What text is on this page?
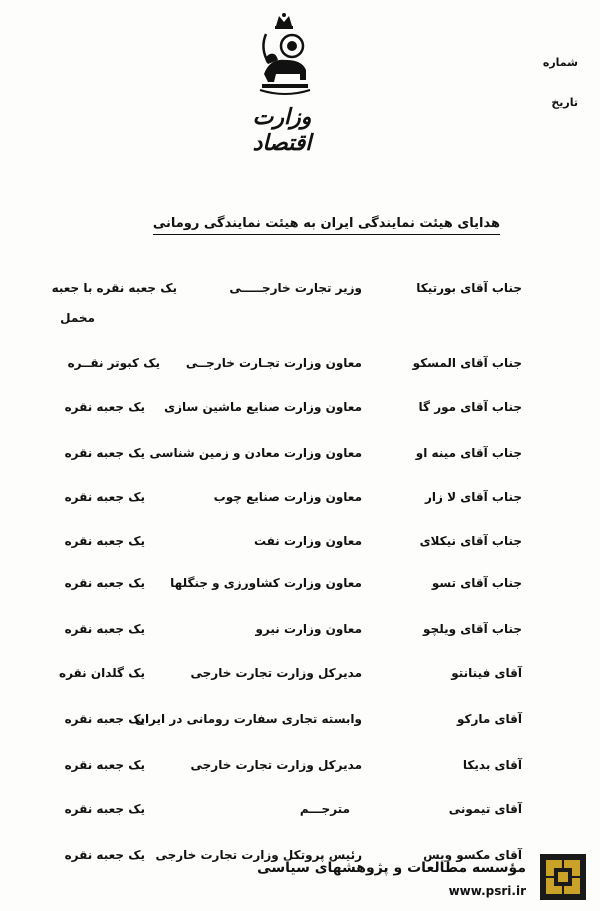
وزارت اقتصاد
شماره
تاریخ
هدایای هیئت نمایندگی ایران به هیئت نمایندگی رومانی
جناب آقای بورتیکا
وزیر تجارت خارجـــــی
یک جعبه نقره با جعبه
مخمل
جناب آقای المسکو
معاون وزارت تجـارت خارجــی
یک کبوتر نقــره
جناب آقای مور گا
معاون وزارت صنایع ماشین سازی
یک جعبه نقره
جناب آقای مینه او
معاون وزارت معادن و زمین شناسی
یک جعبه نقره
جناب آقای لا زار
معاون وزارت صنایع چوب
یک جعبه نقره
جناب آقای نیکلای
معاون وزارت نفت
یک جعبه نقره
جناب آقای تسو
معاون وزارت کشاورزی و جنگلها
یک جعبه نقره
جناب آقای ویلچو
معاون وزارت نیرو
یک جعبه نقره
آقای فینانتو
مدیرکل وزارت تجارت خارجی
یک گلدان نقره
آقای مارکو
وابسته تجاری سفارت رومانی در ایران
یک جعبه نقره
آقای بدیکا
مدیرکل وزارت تجارت خارجی
یک جعبه نقره
آقای تیمونی
مترجـــم
یک جعبه نقره
آقای مکسو ویس
رئیس پروتکل وزارت تجارت خارجی
یک جعبه نقره
مؤسسه مطالعات و پژوهشهای سیاسی
www.psri.ir
